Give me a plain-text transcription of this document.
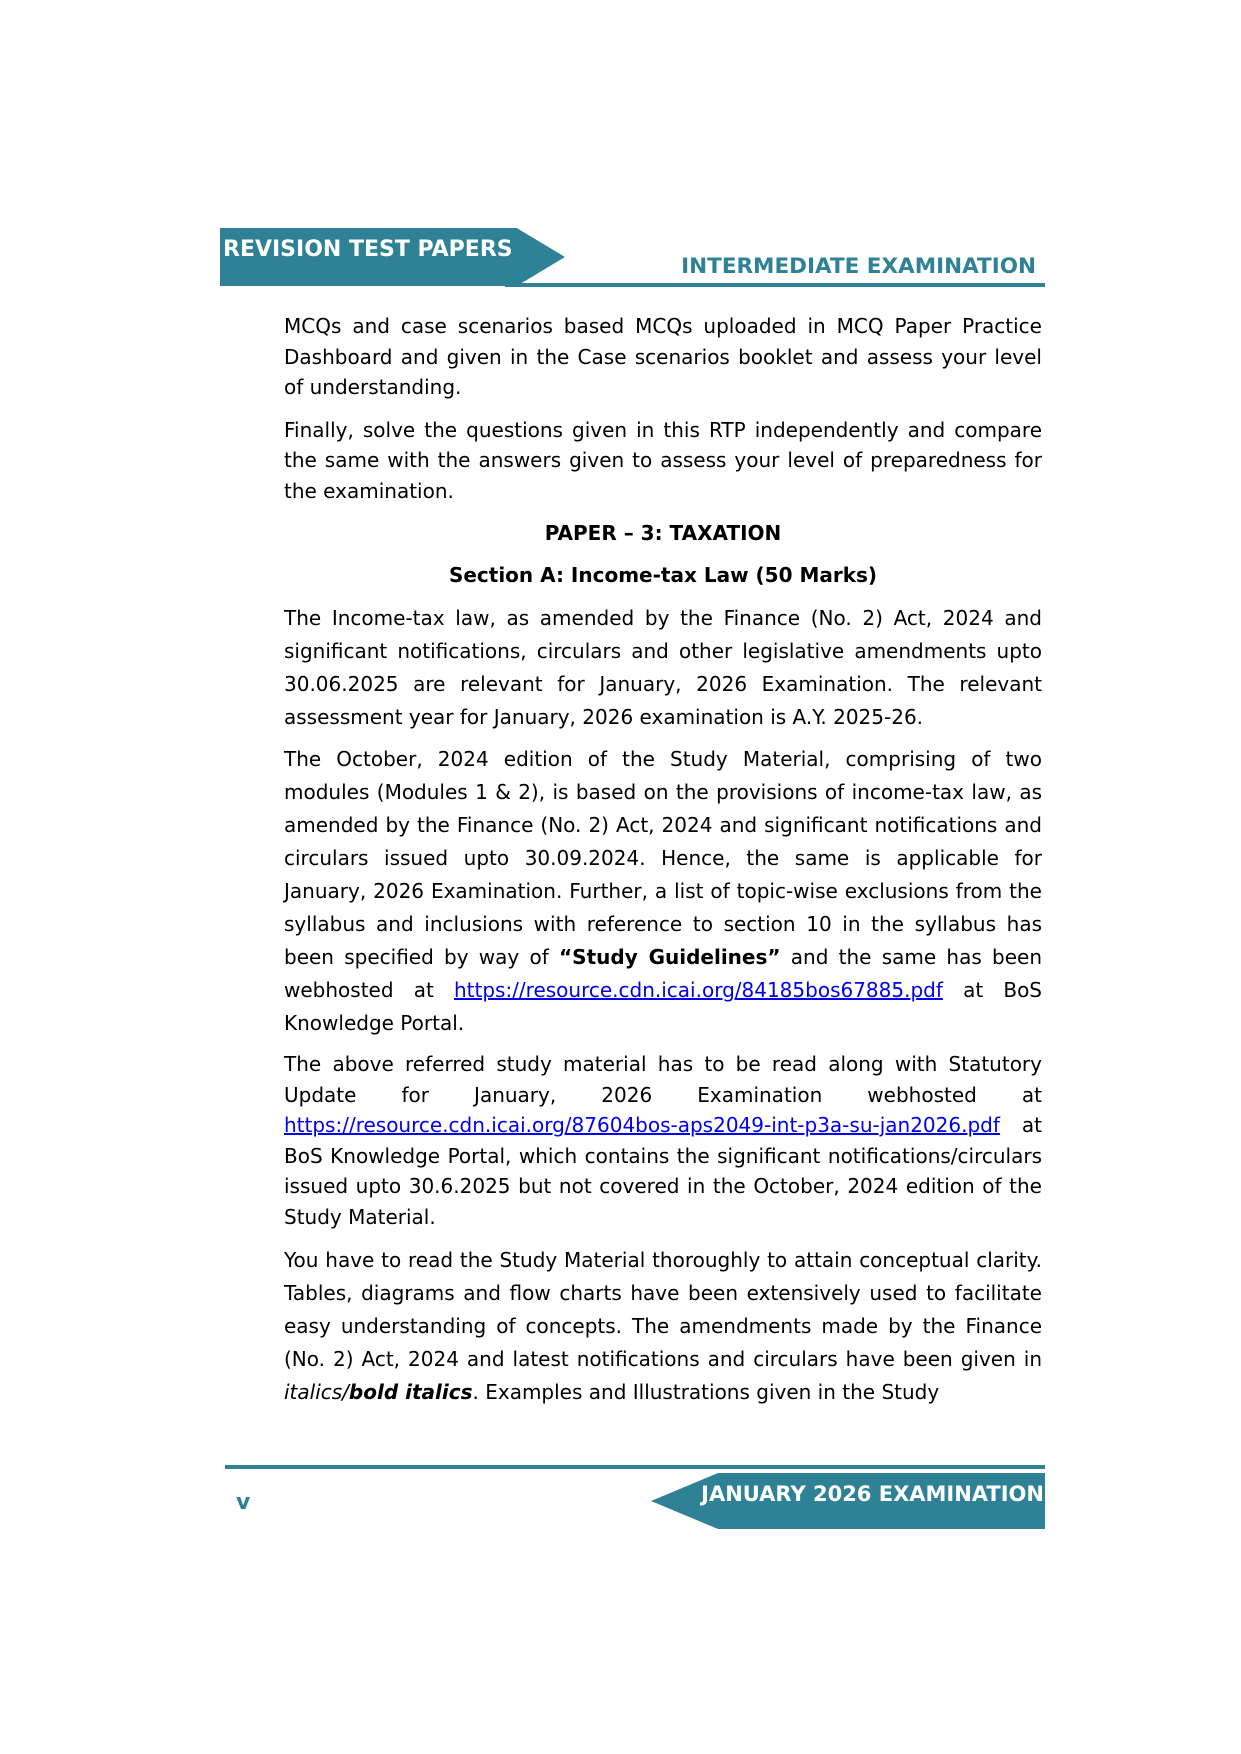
REVISION TEST PAPERS
INTERMEDIATE EXAMINATION

MCQs and case scenarios based MCQs uploaded in MCQ Paper Practice Dashboard and given in the Case scenarios booklet and assess your level of understanding.

Finally, solve the questions given in this RTP independently and compare the same with the answers given to assess your level of preparedness for the examination.

PAPER – 3: TAXATION
Section A: Income-tax Law (50 Marks)

The Income-tax law, as amended by the Finance (No. 2) Act, 2024 and significant notifications, circulars and other legislative amendments upto 30.06.2025 are relevant for January, 2026 Examination. The relevant assessment year for January, 2026 examination is A.Y. 2025-26.

The October, 2024 edition of the Study Material, comprising of two modules (Modules 1 & 2), is based on the provisions of income-tax law, as amended by the Finance (No. 2) Act, 2024 and significant notifications and circulars issued upto 30.09.2024. Hence, the same is applicable for January, 2026 Examination. Further, a list of topic-wise exclusions from the syllabus and inclusions with reference to section 10 in the syllabus has been specified by way of “Study Guidelines” and the same has been webhosted at https://resource.cdn.icai.org/84185bos67885.pdf at BoS Knowledge Portal.

The above referred study material has to be read along with Statutory Update for January, 2026 Examination webhosted at https://resource.cdn.icai.org/87604bos-aps2049-int-p3a-su-jan2026.pdf at BoS Knowledge Portal, which contains the significant notifications/circulars issued upto 30.6.2025 but not covered in the October, 2024 edition of the Study Material.

You have to read the Study Material thoroughly to attain conceptual clarity. Tables, diagrams and flow charts have been extensively used to facilitate easy understanding of concepts. The amendments made by the Finance (No. 2) Act, 2024 and latest notifications and circulars have been given in italics/bold italics. Examples and Illustrations given in the Study

v	JANUARY 2026 EXAMINATION
